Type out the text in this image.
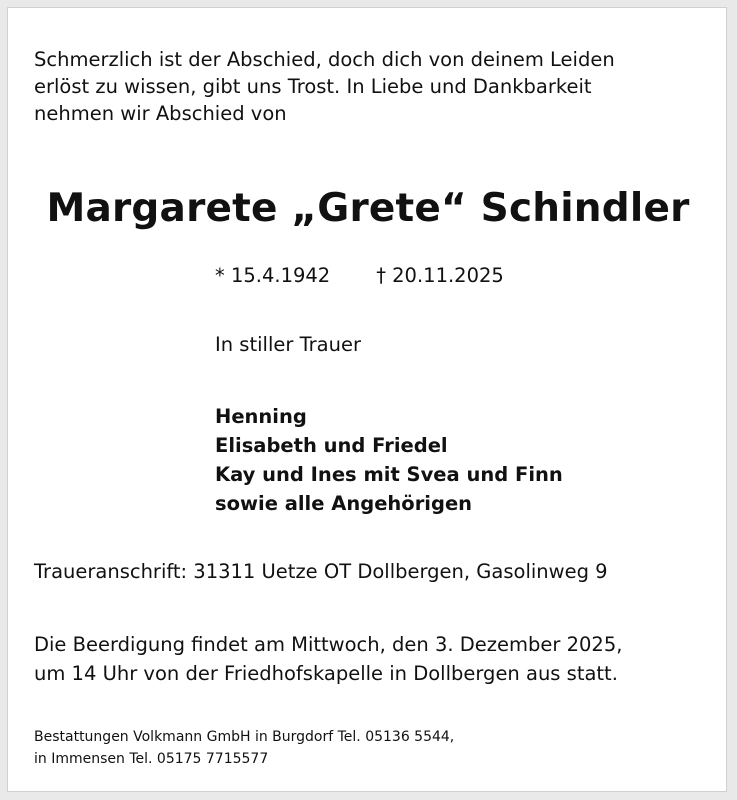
Schmerzlich ist der Abschied, doch dich von deinem Leiden
erlöst zu wissen, gibt uns Trost. In Liebe und Dankbarkeit
nehmen wir Abschied von
Margarete „Grete“ Schindler
* 15.4.1942 † 20.11.2025
In stiller Trauer
Henning
Elisabeth und Friedel
Kay und Ines mit Svea und Finn
sowie alle Angehörigen
Traueranschrift: 31311 Uetze OT Dollbergen, Gasolinweg 9
Die Beerdigung findet am Mittwoch, den 3. Dezember 2025,
um 14 Uhr von der Friedhofskapelle in Dollbergen aus statt.
Bestattungen Volkmann GmbH in Burgdorf Tel. 05136 5544,
in Immensen Tel. 05175 7715577
